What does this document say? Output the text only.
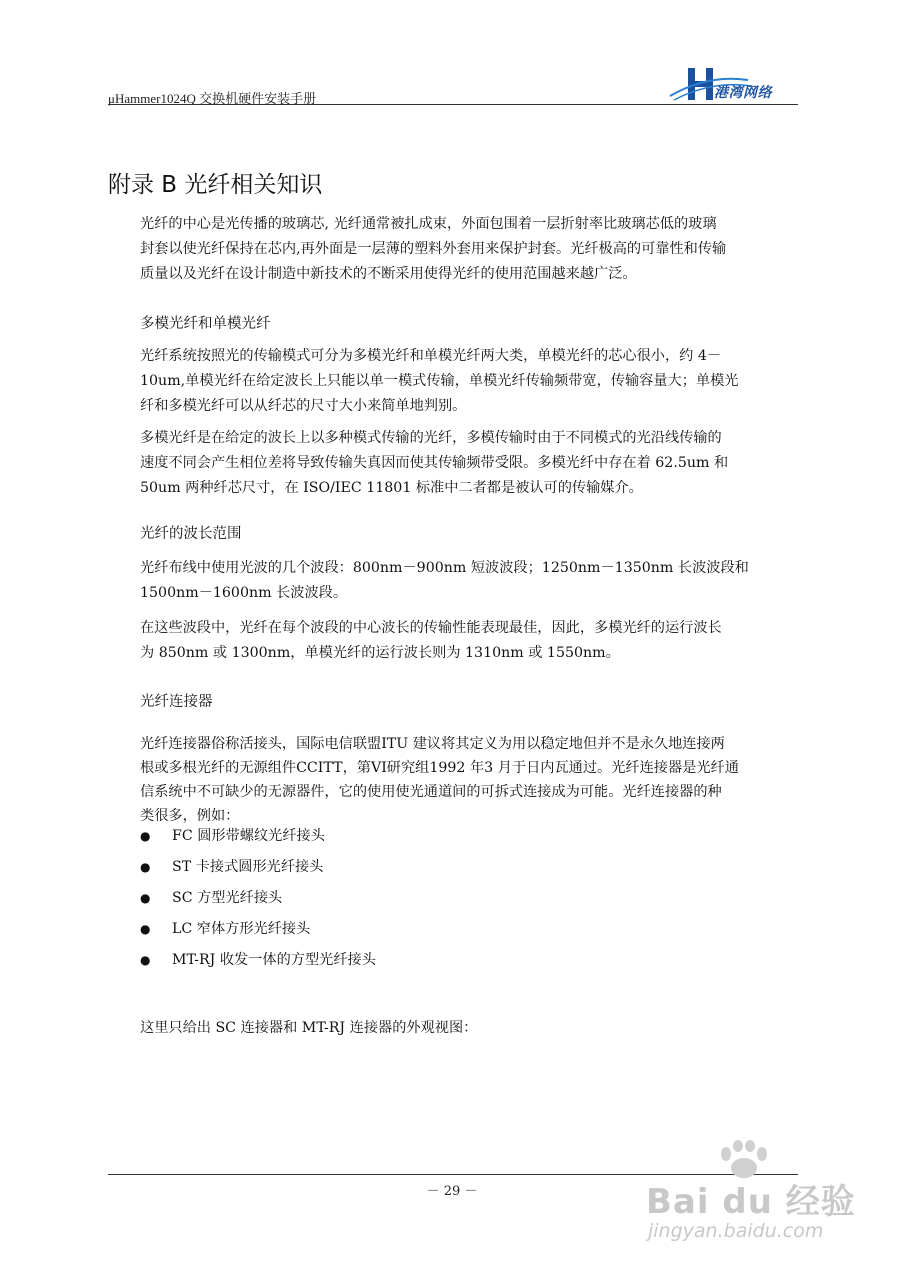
μHammer1024Q 交换机硬件安装手册	港湾网络
附录 B 光纤相关知识
光纤的中心是光传播的玻璃芯, 光纤通常被扎成束，外面包围着一层折射率比玻璃芯低的玻璃
封套以使光纤保持在芯内,再外面是一层薄的塑料外套用来保护封套。光纤极高的可靠性和传输
质量以及光纤在设计制造中新技术的不断采用使得光纤的使用范围越来越广泛。
多模光纤和单模光纤
光纤系统按照光的传输模式可分为多模光纤和单模光纤两大类，单模光纤的芯心很小，约 4－
10um,单模光纤在给定波长上只能以单一模式传输，单模光纤传输频带宽，传输容量大；单模光
纤和多模光纤可以从纤芯的尺寸大小来简单地判别。
多模光纤是在给定的波长上以多种模式传输的光纤，多模传输时由于不同模式的光沿线传输的
速度不同会产生相位差将导致传输失真因而使其传输频带受限。多模光纤中存在着 62.5um 和
50um 两种纤芯尺寸，在 ISO/IEC 11801 标准中二者都是被认可的传输媒介。
光纤的波长范围
光纤布线中使用光波的几个波段：800nm－900nm 短波波段；1250nm－1350nm 长波波段和
1500nm－1600nm 长波波段。
在这些波段中，光纤在每个波段的中心波长的传输性能表现最佳，因此，多模光纤的运行波长
为 850nm 或 1300nm，单模光纤的运行波长则为 1310nm 或 1550nm。
光纤连接器
光纤连接器俗称活接头，国际电信联盟ITU 建议将其定义为用以稳定地但并不是永久地连接两
根或多根光纤的无源组件CCITT，第VI研究组1992 年3 月于日内瓦通过。光纤连接器是光纤通
信系统中不可缺少的无源器件，它的使用使光通道间的可拆式连接成为可能。光纤连接器的种
类很多，例如：
● FC 圆形带螺纹光纤接头
● ST 卡接式圆形光纤接头
● SC 方型光纤接头
● LC 窄体方形光纤接头
● MT-RJ 收发一体的方型光纤接头
这里只给出 SC 连接器和 MT-RJ 连接器的外观视图：
－ 29 －	Bai du 经验
jingyan.baidu.com
